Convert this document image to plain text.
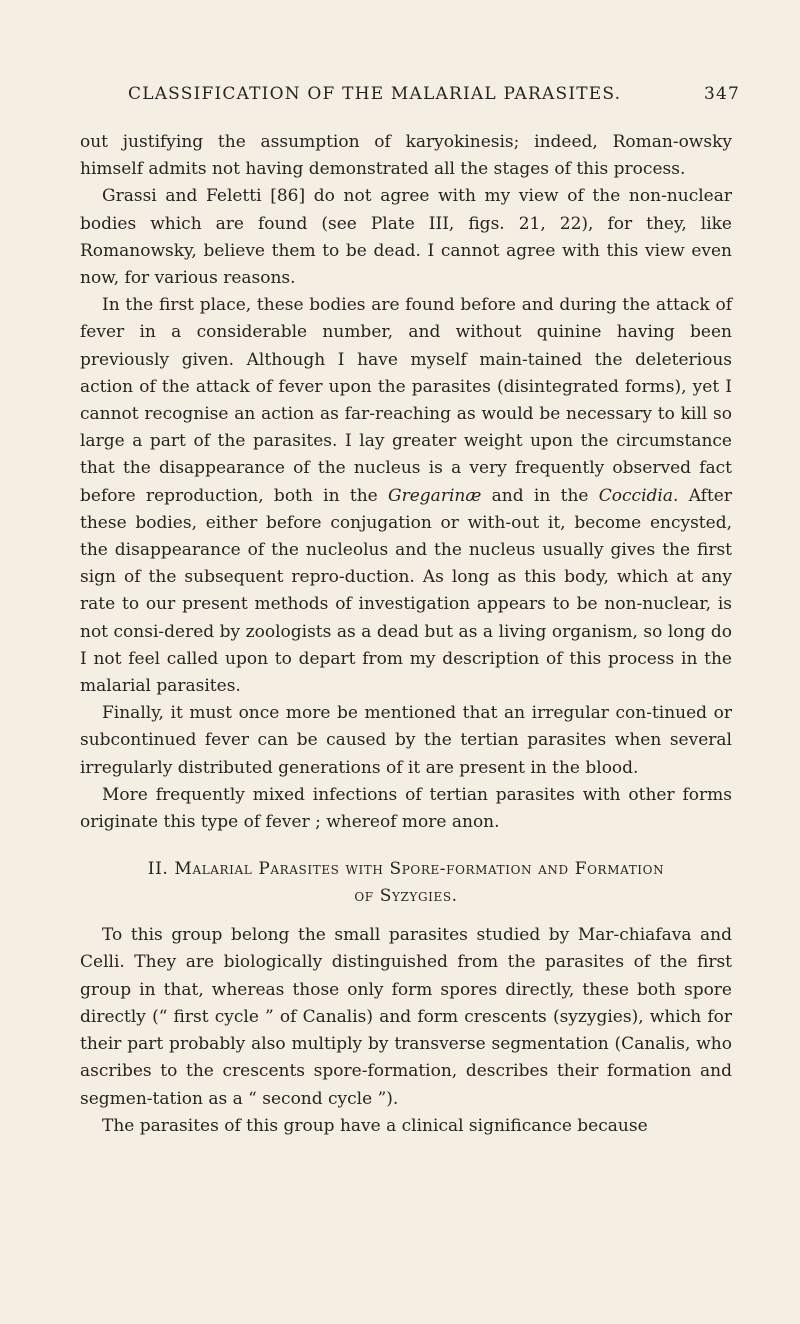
CLASSIFICATION OF THE MALARIAL PARASITES.	347

out justifying the assumption of karyokinesis; indeed, Roman-owsky himself admits not having demonstrated all the stages of this process.

Grassi and Feletti [86] do not agree with my view of the non-nuclear bodies which are found (see Plate III, figs. 21, 22), for they, like Romanowsky, believe them to be dead. I cannot agree with this view even now, for various reasons.

In the first place, these bodies are found before and during the attack of fever in a considerable number, and without quinine having been previously given. Although I have myself main-tained the deleterious action of the attack of fever upon the parasites (disintegrated forms), yet I cannot recognise an action as far-reaching as would be necessary to kill so large a part of the parasites. I lay greater weight upon the circumstance that the disappearance of the nucleus is a very frequently observed fact before reproduction, both in the Gregarinæ and in the Coccidia. After these bodies, either before conjugation or with-out it, become encysted, the disappearance of the nucleolus and the nucleus usually gives the first sign of the subsequent repro-duction. As long as this body, which at any rate to our present methods of investigation appears to be non-nuclear, is not consi-dered by zoologists as a dead but as a living organism, so long do I not feel called upon to depart from my description of this process in the malarial parasites.

Finally, it must once more be mentioned that an irregular con-tinued or subcontinued fever can be caused by the tertian parasites when several irregularly distributed generations of it are present in the blood.

More frequently mixed infections of tertian parasites with other forms originate this type of fever ; whereof more anon.

II. Malarial Parasites with Spore-formation and Formation
of Syzygies.

To this group belong the small parasites studied by Mar-chiafava and Celli. They are biologically distinguished from the parasites of the first group in that, whereas those only form spores directly, these both spore directly (“ first cycle ” of Canalis) and form crescents (syzygies), which for their part probably also multiply by transverse segmentation (Canalis, who ascribes to the crescents spore-formation, describes their formation and segmen-tation as a “ second cycle ”).

The parasites of this group have a clinical significance because
